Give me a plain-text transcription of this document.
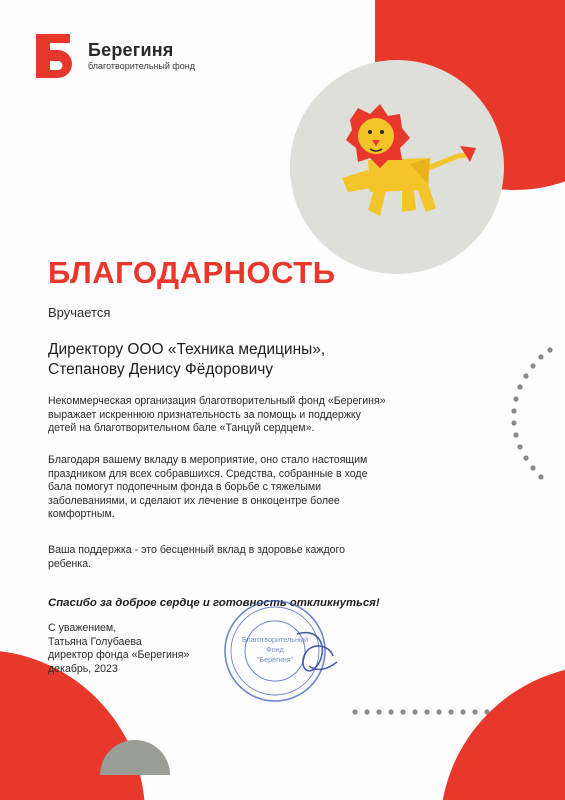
Берегиня
благотворительный фонд
БЛАГОДАРНОСТЬ
Вручается
Директору ООО «Техника медицины»,
Степанову Денису Фёдоровичу
Некоммерческая организация благотворительный фонд «Берегиня»
выражает искреннюю признательность за помощь и поддержку
детей на благотворительном бале «Танцуй сердцем».
Благодаря вашему вкладу в мероприятие, оно стало настоящим
праздником для всех собравшихся. Средства, собранные в ходе
бала помогут подопечным фонда в борьбе с тяжелыми
заболеваниями, и сделают их лечение в онкоцентре более
комфортным.
Ваша поддержка - это бесценный вклад в здоровье каждого
ребенка.
Спасибо за доброе сердце и готовность откликнуться!
С уважением,
Татьяна Голубаева
директор фонда «Берегиня»
декабрь, 2023
Благотворительный
Фонд
"Берегиня"
